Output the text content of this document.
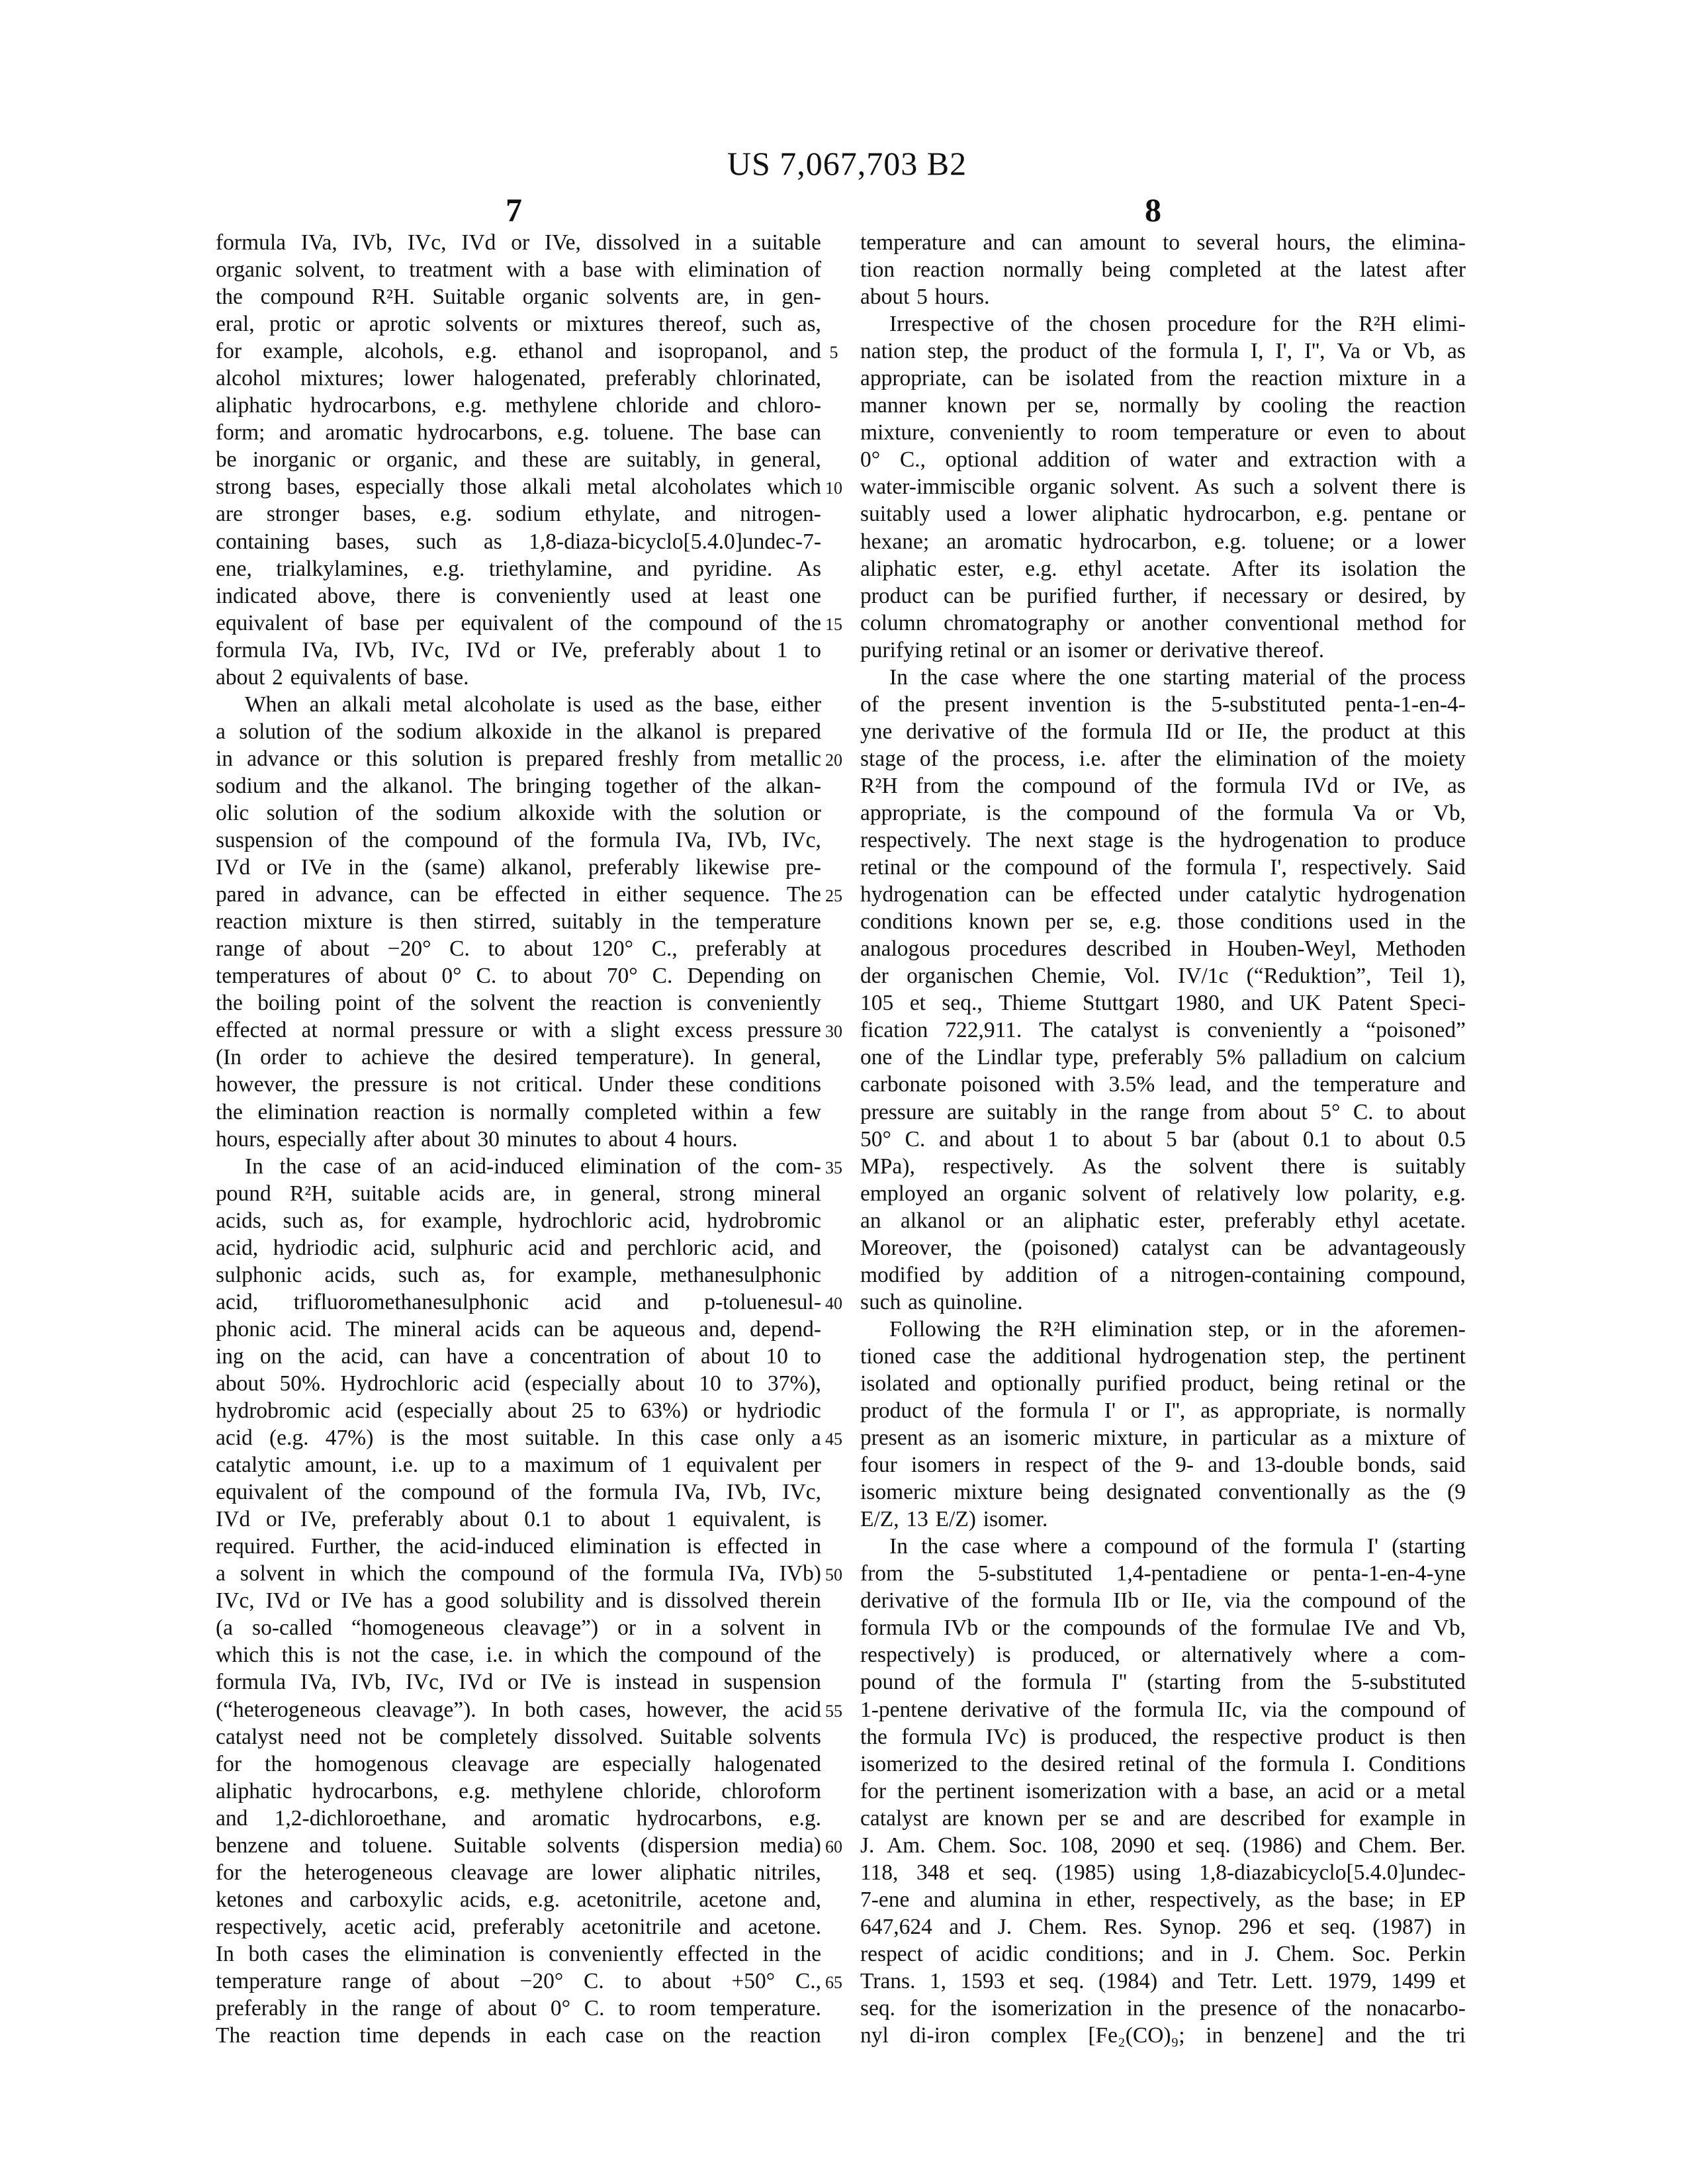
US 7,067,703 B2
7	8
formula IVa, IVb, IVc, IVd or IVe, dissolved in a suitable
organic solvent, to treatment with a base with elimination of
the compound R²H. Suitable organic solvents are, in gen-
eral, protic or aprotic solvents or mixtures thereof, such as,
for example, alcohols, e.g. ethanol and isopropanol, and
alcohol mixtures; lower halogenated, preferably chlorinated,
aliphatic hydrocarbons, e.g. methylene chloride and chloro-
form; and aromatic hydrocarbons, e.g. toluene. The base can
be inorganic or organic, and these are suitably, in general,
strong bases, especially those alkali metal alcoholates which
are stronger bases, e.g. sodium ethylate, and nitrogen-
containing bases, such as 1,8-diaza-bicyclo[5.4.0]undec-7-
ene, trialkylamines, e.g. triethylamine, and pyridine. As
indicated above, there is conveniently used at least one
equivalent of base per equivalent of the compound of the
formula IVa, IVb, IVc, IVd or IVe, preferably about 1 to
about 2 equivalents of base.
When an alkali metal alcoholate is used as the base, either
a solution of the sodium alkoxide in the alkanol is prepared
in advance or this solution is prepared freshly from metallic
sodium and the alkanol. The bringing together of the alkan-
olic solution of the sodium alkoxide with the solution or
suspension of the compound of the formula IVa, IVb, IVc,
IVd or IVe in the (same) alkanol, preferably likewise pre-
pared in advance, can be effected in either sequence. The
reaction mixture is then stirred, suitably in the temperature
range of about −20° C. to about 120° C., preferably at
temperatures of about 0° C. to about 70° C. Depending on
the boiling point of the solvent the reaction is conveniently
effected at normal pressure or with a slight excess pressure
(In order to achieve the desired temperature). In general,
however, the pressure is not critical. Under these conditions
the elimination reaction is normally completed within a few
hours, especially after about 30 minutes to about 4 hours.
In the case of an acid-induced elimination of the com-
pound R²H, suitable acids are, in general, strong mineral
acids, such as, for example, hydrochloric acid, hydrobromic
acid, hydriodic acid, sulphuric acid and perchloric acid, and
sulphonic acids, such as, for example, methanesulphonic
acid, trifluoromethanesulphonic acid and p-toluenesul-
phonic acid. The mineral acids can be aqueous and, depend-
ing on the acid, can have a concentration of about 10 to
about 50%. Hydrochloric acid (especially about 10 to 37%),
hydrobromic acid (especially about 25 to 63%) or hydriodic
acid (e.g. 47%) is the most suitable. In this case only a
catalytic amount, i.e. up to a maximum of 1 equivalent per
equivalent of the compound of the formula IVa, IVb, IVc,
IVd or IVe, preferably about 0.1 to about 1 equivalent, is
required. Further, the acid-induced elimination is effected in
a solvent in which the compound of the formula IVa, IVb)
IVc, IVd or IVe has a good solubility and is dissolved therein
(a so-called “homogeneous cleavage”) or in a solvent in
which this is not the case, i.e. in which the compound of the
formula IVa, IVb, IVc, IVd or IVe is instead in suspension
(“heterogeneous cleavage”). In both cases, however, the acid
catalyst need not be completely dissolved. Suitable solvents
for the homogenous cleavage are especially halogenated
aliphatic hydrocarbons, e.g. methylene chloride, chloroform
and 1,2-dichloroethane, and aromatic hydrocarbons, e.g.
benzene and toluene. Suitable solvents (dispersion media)
for the heterogeneous cleavage are lower aliphatic nitriles,
ketones and carboxylic acids, e.g. acetonitrile, acetone and,
respectively, acetic acid, preferably acetonitrile and acetone.
In both cases the elimination is conveniently effected in the
temperature range of about −20° C. to about +50° C.,
preferably in the range of about 0° C. to room temperature.
The reaction time depends in each case on the reaction
5
10
15
20
25
30
35
40
45
50
55
60
65
temperature and can amount to several hours, the elimina-
tion reaction normally being completed at the latest after
about 5 hours.
Irrespective of the chosen procedure for the R²H elimi-
nation step, the product of the formula I, I', I'', Va or Vb, as
appropriate, can be isolated from the reaction mixture in a
manner known per se, normally by cooling the reaction
mixture, conveniently to room temperature or even to about
0° C., optional addition of water and extraction with a
water-immiscible organic solvent. As such a solvent there is
suitably used a lower aliphatic hydrocarbon, e.g. pentane or
hexane; an aromatic hydrocarbon, e.g. toluene; or a lower
aliphatic ester, e.g. ethyl acetate. After its isolation the
product can be purified further, if necessary or desired, by
column chromatography or another conventional method for
purifying retinal or an isomer or derivative thereof.
In the case where the one starting material of the process
of the present invention is the 5-substituted penta-1-en-4-
yne derivative of the formula IId or IIe, the product at this
stage of the process, i.e. after the elimination of the moiety
R²H from the compound of the formula IVd or IVe, as
appropriate, is the compound of the formula Va or Vb,
respectively. The next stage is the hydrogenation to produce
retinal or the compound of the formula I', respectively. Said
hydrogenation can be effected under catalytic hydrogenation
conditions known per se, e.g. those conditions used in the
analogous procedures described in Houben-Weyl, Methoden
der organischen Chemie, Vol. IV/1c (“Reduktion”, Teil 1),
105 et seq., Thieme Stuttgart 1980, and UK Patent Speci-
fication 722,911. The catalyst is conveniently a “poisoned”
one of the Lindlar type, preferably 5% palladium on calcium
carbonate poisoned with 3.5% lead, and the temperature and
pressure are suitably in the range from about 5° C. to about
50° C. and about 1 to about 5 bar (about 0.1 to about 0.5
MPa), respectively. As the solvent there is suitably
employed an organic solvent of relatively low polarity, e.g.
an alkanol or an aliphatic ester, preferably ethyl acetate.
Moreover, the (poisoned) catalyst can be advantageously
modified by addition of a nitrogen-containing compound,
such as quinoline.
Following the R²H elimination step, or in the aforemen-
tioned case the additional hydrogenation step, the pertinent
isolated and optionally purified product, being retinal or the
product of the formula I' or I'', as appropriate, is normally
present as an isomeric mixture, in particular as a mixture of
four isomers in respect of the 9- and 13-double bonds, said
isomeric mixture being designated conventionally as the (9
E/Z, 13 E/Z) isomer.
In the case where a compound of the formula I' (starting
from the 5-substituted 1,4-pentadiene or penta-1-en-4-yne
derivative of the formula IIb or IIe, via the compound of the
formula IVb or the compounds of the formulae IVe and Vb,
respectively) is produced, or alternatively where a com-
pound of the formula I'' (starting from the 5-substituted
1-pentene derivative of the formula IIc, via the compound of
the formula IVc) is produced, the respective product is then
isomerized to the desired retinal of the formula I. Conditions
for the pertinent isomerization with a base, an acid or a metal
catalyst are known per se and are described for example in
J. Am. Chem. Soc. 108, 2090 et seq. (1986) and Chem. Ber.
118, 348 et seq. (1985) using 1,8-diazabicyclo[5.4.0]undec-
7-ene and alumina in ether, respectively, as the base; in EP
647,624 and J. Chem. Res. Synop. 296 et seq. (1987) in
respect of acidic conditions; and in J. Chem. Soc. Perkin
Trans. 1, 1593 et seq. (1984) and Tetr. Lett. 1979, 1499 et
seq. for the isomerization in the presence of the nonacarbo-
nyl di-iron complex [Fe₂(CO)₉; in benzene] and the tri
